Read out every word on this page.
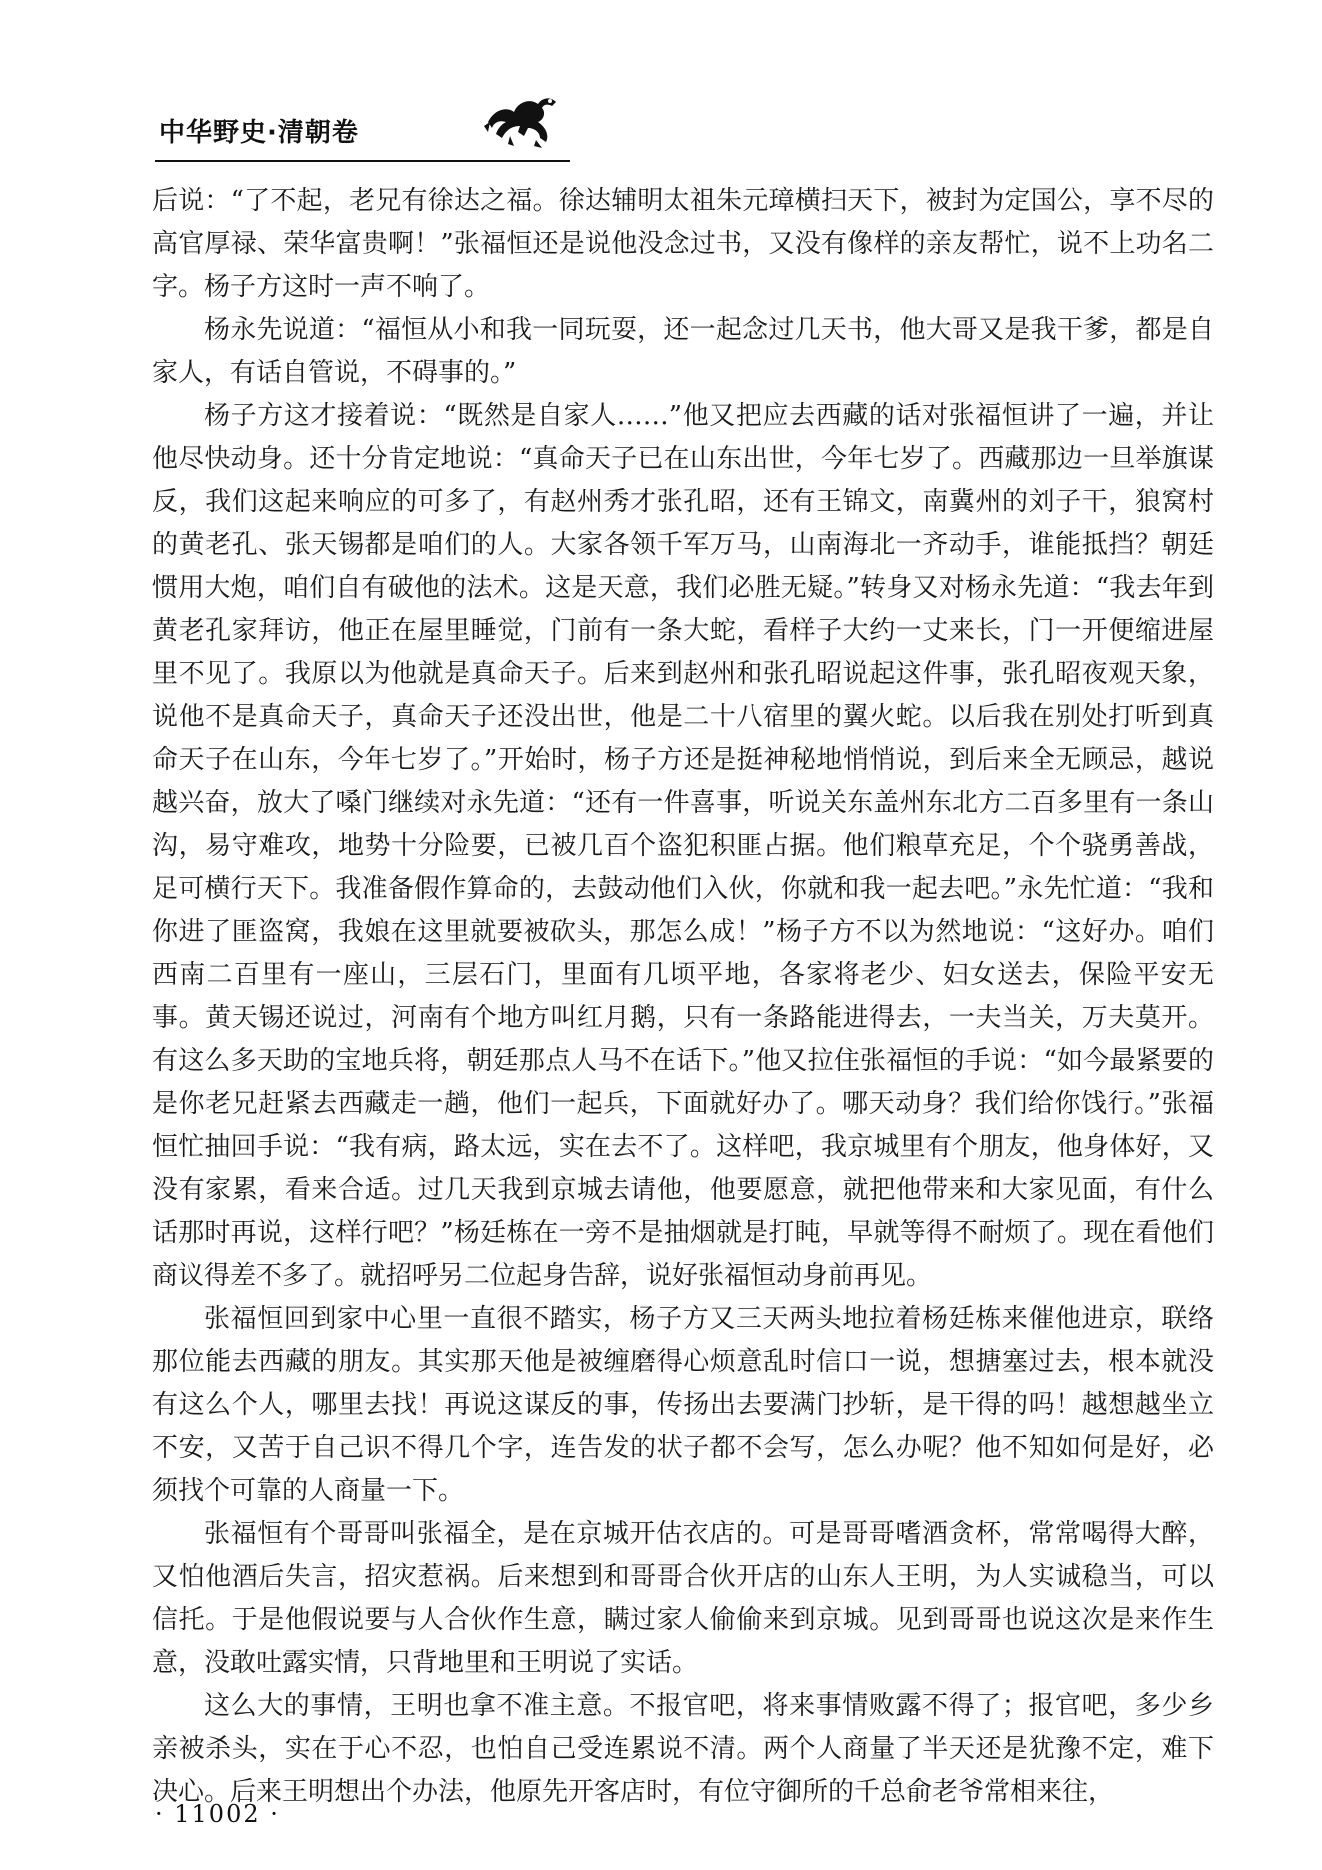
中华野史·清朝卷

后说：“了不起，老兄有徐达之福。徐达辅明太祖朱元璋横扫天下，被封为定国公，享不尽的高官厚禄、荣华富贵啊！”张福恒还是说他没念过书，又没有像样的亲友帮忙，说不上功名二字。杨子方这时一声不响了。

杨永先说道：“福恒从小和我一同玩耍，还一起念过几天书，他大哥又是我干爹，都是自家人，有话自管说，不碍事的。”

杨子方这才接着说：“既然是自家人……”他又把应去西藏的话对张福恒讲了一遍，并让他尽快动身。还十分肯定地说：“真命天子已在山东出世，今年七岁了。西藏那边一旦举旗谋反，我们这起来响应的可多了，有赵州秀才张孔昭，还有王锦文，南冀州的刘子干，狼窝村的黄老孔、张天锡都是咱们的人。大家各领千军万马，山南海北一齐动手，谁能抵挡？朝廷惯用大炮，咱们自有破他的法术。这是天意，我们必胜无疑。”转身又对杨永先道：“我去年到黄老孔家拜访，他正在屋里睡觉，门前有一条大蛇，看样子大约一丈来长，门一开便缩进屋里不见了。我原以为他就是真命天子。后来到赵州和张孔昭说起这件事，张孔昭夜观天象，说他不是真命天子，真命天子还没出世，他是二十八宿里的翼火蛇。以后我在别处打听到真命天子在山东，今年七岁了。”开始时，杨子方还是挺神秘地悄悄说，到后来全无顾忌，越说越兴奋，放大了嗓门继续对永先道：“还有一件喜事，听说关东盖州东北方二百多里有一条山沟，易守难攻，地势十分险要，已被几百个盗犯积匪占据。他们粮草充足，个个骁勇善战，足可横行天下。我准备假作算命的，去鼓动他们入伙，你就和我一起去吧。”永先忙道：“我和你进了匪盗窝，我娘在这里就要被砍头，那怎么成！”杨子方不以为然地说：“这好办。咱们西南二百里有一座山，三层石门，里面有几顷平地，各家将老少、妇女送去，保险平安无事。黄天锡还说过，河南有个地方叫红月鹅，只有一条路能进得去，一夫当关，万夫莫开。有这么多天助的宝地兵将，朝廷那点人马不在话下。”他又拉住张福恒的手说：“如今最紧要的是你老兄赶紧去西藏走一趟，他们一起兵，下面就好办了。哪天动身？我们给你饯行。”张福恒忙抽回手说：“我有病，路太远，实在去不了。这样吧，我京城里有个朋友，他身体好，又没有家累，看来合适。过几天我到京城去请他，他要愿意，就把他带来和大家见面，有什么话那时再说，这样行吧？”杨廷栋在一旁不是抽烟就是打盹，早就等得不耐烦了。现在看他们商议得差不多了。就招呼另二位起身告辞，说好张福恒动身前再见。

张福恒回到家中心里一直很不踏实，杨子方又三天两头地拉着杨廷栋来催他进京，联络那位能去西藏的朋友。其实那天他是被缠磨得心烦意乱时信口一说，想搪塞过去，根本就没有这么个人，哪里去找！再说这谋反的事，传扬出去要满门抄斩，是干得的吗！越想越坐立不安，又苦于自己识不得几个字，连告发的状子都不会写，怎么办呢？他不知如何是好，必须找个可靠的人商量一下。

张福恒有个哥哥叫张福全，是在京城开估衣店的。可是哥哥嗜酒贪杯，常常喝得大醉，又怕他酒后失言，招灾惹祸。后来想到和哥哥合伙开店的山东人王明，为人实诚稳当，可以信托。于是他假说要与人合伙作生意，瞒过家人偷偷来到京城。见到哥哥也说这次是来作生意，没敢吐露实情，只背地里和王明说了实话。

这么大的事情，王明也拿不准主意。不报官吧，将来事情败露不得了；报官吧，多少乡亲被杀头，实在于心不忍，也怕自己受连累说不清。两个人商量了半天还是犹豫不定，难下决心。后来王明想出个办法，他原先开客店时，有位守御所的千总俞老爷常相来往，

· 11002 ·
